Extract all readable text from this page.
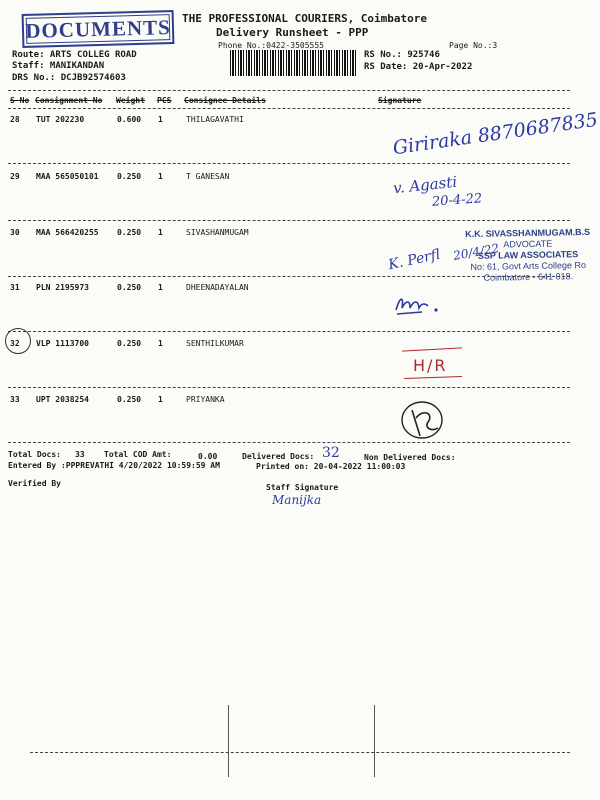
DOCUMENTS THE PROFESSIONAL COURIERS, Coimbatore
Delivery Runsheet - PPP
Phone No.:0422-3505555	Page No.:3
Route: ARTS COLLEG ROAD
Staff: MANIKANDAN
DRS No.: DCJB92574603
RS No.: 925746
RS Date: 20-Apr-2022
S No Consignment No Weight PCS Consignee Details	Signature
28 TUT 202230	0.600 1	THILAGAVATHI
29 MAA 565050101 0.250 1	T GANESAN
30 MAA 566420255 0.250 1	SIVASHANMUGAM
31 PLN 2195973	0.250 1	DHEENADAYALAN
32 VLP 1113700	0.250 1	SENTHILKUMAR
33 UPT 2038254	0.250 1	PRIYANKA
Giriraka 8870687835
v. Agasti
20-4-22
K. Perfl 20/4/22
K.K. SIVASSHANMUGAM.B.S
ADVOCATE
SSP LAW ASSOCIATES
No: 61, Govt Arts College Ro
Coimbatore - 641 018.
H/R
Total Docs: 33 Total COD Amt:	0.00	Delivered Docs: 32	Non Delivered Docs:
Entered By :PPPREVATHI 4/20/2022 10:59:59 AM	Printed on: 20-04-2022 11:00:03
Verified By	Staff Signature
Manijka
